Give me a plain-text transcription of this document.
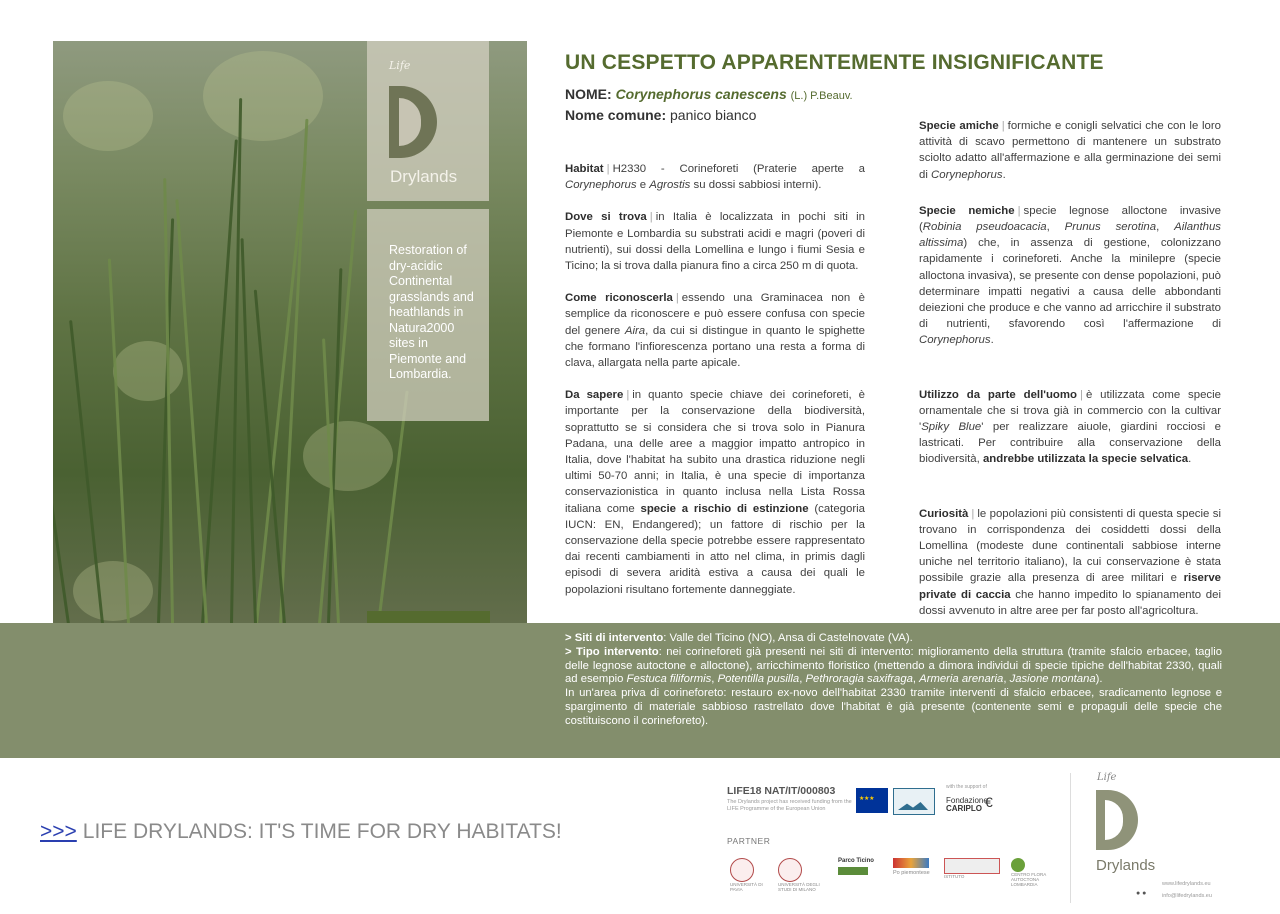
Life
Drylands

Restoration of dry-acidic Continental grasslands and heathlands in Natura2000 sites in Piemonte and Lombardia.

UN CESPETTO APPARENTEMENTE INSIGNIFICANTE
NOME: Corynephorus canescens (L.) P.Beauv.
Nome comune: panico bianco

Habitat | H2330 - Corineforeti (Praterie aperte a Corynephorus e Agrostis su dossi sabbiosi interni).

Dove si trova | in Italia è localizzata in pochi siti in Piemonte e Lombardia su substrati acidi e magri (poveri di nutrienti), sui dossi della Lomellina e lungo i fiumi Sesia e Ticino; la si trova dalla pianura fino a circa 250 m di quota.

Come riconoscerla | essendo una Graminacea non è semplice da riconoscere e può essere confusa con specie del genere Aira, da cui si distingue in quanto le spighette che formano l'infiorescenza portano una resta a forma di clava, allargata nella parte apicale.

Da sapere | in quanto specie chiave dei corineforeti, è importante per la conservazione della biodiversità, soprattutto se si considera che si trova solo in Pianura Padana, una delle aree a maggior impatto antropico in Italia, dove l'habitat ha subito una drastica riduzione negli ultimi 50-70 anni; in Italia, è una specie di importanza conservazionistica in quanto inclusa nella Lista Rossa italiana come specie a rischio di estinzione (categoria IUCN: EN, Endangered); un fattore di rischio per la conservazione della specie potrebbe essere rappresentato dai recenti cambiamenti in atto nel clima, in primis dagli episodi di severa aridità estiva a causa dei quali le popolazioni risultano fortemente danneggiate.

Specie amiche | formiche e conigli selvatici che con le loro attività di scavo permettono di mantenere un substrato sciolto adatto all'affermazione e alla germinazione dei semi di Corynephorus.

Specie nemiche | specie legnose alloctone invasive (Robinia pseudoacacia, Prunus serotina, Ailanthus altissima) che, in assenza di gestione, colonizzano rapidamente i corineforeti. Anche la minilepre (specie alloctona invasiva), se presente con dense popolazioni, può determinare impatti negativi a causa delle abbondanti deiezioni che produce e che vanno ad arricchire il substrato di nutrienti, sfavorendo così l'affermazione di Corynephorus.

Utilizzo da parte dell'uomo | è utilizzata come specie ornamentale che si trova già in commercio con la cultivar 'Spiky Blue' per realizzare aiuole, giardini rocciosi e lastricati. Per contribuire alla conservazione della biodiversità, andrebbe utilizzata la specie selvatica.

Curiosità | le popolazioni più consistenti di questa specie si trovano in corrispondenza dei cosiddetti dossi della Lomellina (modeste dune continentali sabbiose interne uniche nel territorio italiano), la cui conservazione è stata possibile grazie alla presenza di aree militari e riserve private di caccia che hanno impedito lo spianamento dei dossi avvenuto in altre aree per far posto all'agricoltura.

> Siti di intervento: Valle del Ticino (NO), Ansa di Castelnovate (VA).

> Tipo intervento: nei corineforeti già presenti nei siti di intervento: miglioramento della struttura (tramite sfalcio erbacee, taglio delle legnose autoctone e alloctone), arricchimento floristico (mettendo a dimora individui di specie tipiche dell'habitat 2330, quali ad esempio Festuca filiformis, Potentilla pusilla, Pethroragia saxifraga, Armeria arenaria, Jasione montana).

In un'area priva di corineforeto: restauro ex-novo dell'habitat 2330 tramite interventi di sfalcio erbacee, sradicamento legnose e spargimento di materiale sabbioso rastrellato dove l'habitat è già presente (contenente semi e propaguli delle specie che costituiscono il corineforeto).

>>> LIFE DRYLANDS: IT'S TIME FOR DRY HABITATS!
LIFE18 NAT/IT/000803
The Drylands project has received funding from the LIFE Programme of the European Union
★ ★ ★
with the support of
Fondazione
CARIPLO €
PARTNER
UNIVERSITÀ DI PAVIA
UNIVERSITÀ DEGLI STUDI DI MILANO
Parco Ticino
Po piemontese
ISTITUTO	CENTRO FLORA AUTOCTONA LOMBARDIA
Life
Drylands
● ●
www.lifedrylands.eu
info@lifedrylands.eu
